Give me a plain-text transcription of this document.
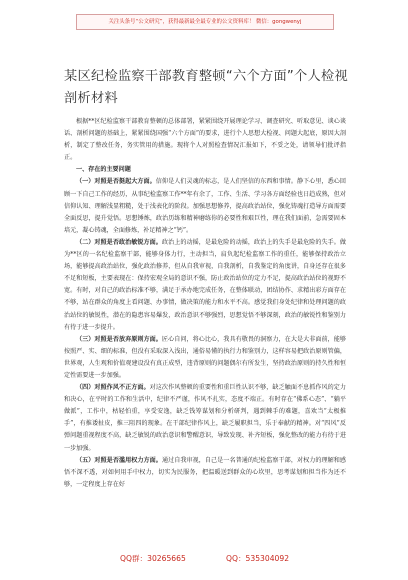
关注头条号“公文研究”，获得最新最全最专业的公文资料库！ 微信：gongwenyj
某区纪检监察干部教育整顿“六个方面”个人检视剖析材料

根据**区纪检监察干部教育整顿的总体部署，紧紧围绕开展理论学习、调查研究、听取意见、谈心谈话、剖析问题的基础上，紧紧围绕国强“六个方面”的要求，进行个人思想大检视、问题大起底，原因大剖析，制定了整改任务，务实管用的措施。现将个人对照检查情况汇报如下，不妥之处，请领导们批评指正。

一、存在的主要问题

（一）对照是否挺起大方面。信仰是人们灵魂的标志，是人们坚信的东西和事情。静下心里，悉心回顾一下自己工作的经历，从事纪检监察工作**年有余了，工作、生活、学习各方面经验也日趋成熟，但对信仰认知、理解浅显粗糙，处于浅表化的阶段。加强思想修养，提高政治站位，强化铸魂打造导方面需要全面反思，提升觉悟。思想锤炼，政治历练和精神磨练你的必要性和艰巨性，理在我们面前，急需要固本培元，凝心铸魂，全面修炼，补足精神之“钙”。

（二）对照是否政治敏锐方面。政治上的动摇，是最危险的动摇，政治上的失手是最危险的失手。做为**区的一名纪检监察干部，能够身体力行，主动担当，肩负起纪检监察工作的重任，能够保持政治立场，能够提高政治站位，强化政治修养，但从自我审视，自我剖析，自我鉴定的角度讲，自身还存在很多不足和短板，主要表现在：保持宏观全局的意识不强，防止政治站位的定力不足，提高政治站位的视野不宽。有时，对自己的政治标准不够，满足于承办地完成任务，在整体联动，团结协作、求精出彩方面存在不够，站在群众的角度上看问题、办事情，做决策的能力和水平不高。感觉我们身处纪律和处理问题的政治站位的敏锐性，潜在的隐患容易爆发，政治意识不够强烈，思想觉悟不够深刻，政治的敏锐性和鉴别力有待于进一步提升。

（三）对照是否放弃原则方面。匠心自问，将心比心，我具有敬畏的洞察力，在大是大非面前，能够按照严、实、细的标准，但没有采取深入浅出，通俗易懂的执行力和鉴别力，这样容易把政治原则管偏，世界观，人生观和价值观建设没有真正成型，违背原则的问题偶尔有所发生，坚持政治原则的持久性和恒定性需要进一步加强。

（四）对照作风不正方面。对这次作风整顿的重要性和重巨性认识不够，缺乏触面不息抓作风的定力和决心，在平时的工作和生活中，纪律不严谨，作风不扎实，态度不端正。有时存在“佛系心态”、“躺平做派”，工作中，枯轻怕重，享受安逸，缺乏钱筹谋划和分析研判，遇到棘手的难题，喜欢当“太极推手”，有推诿扯皮，推三阻四的现象。在干部纪律作风上，缺乏履职担当，乐于奉献的精神。对“四风”反弹问题重视程度不高，缺乏敏锐的政治意识和警醒意识，导致发现、补齐短板，强化整改的能力有待于进一步加强。

（五）对照是否滥用权力方面。通过自我审视，自己是一名普通的纪检监察干部，对权力的理解和感悟不深不透，对如何用手中权力，切实为民服务，把温暖送到群众的心坎里，思考谋划和担当作为还不够，一定程度上存在好

QQ群：30265665	QQ：535304092
